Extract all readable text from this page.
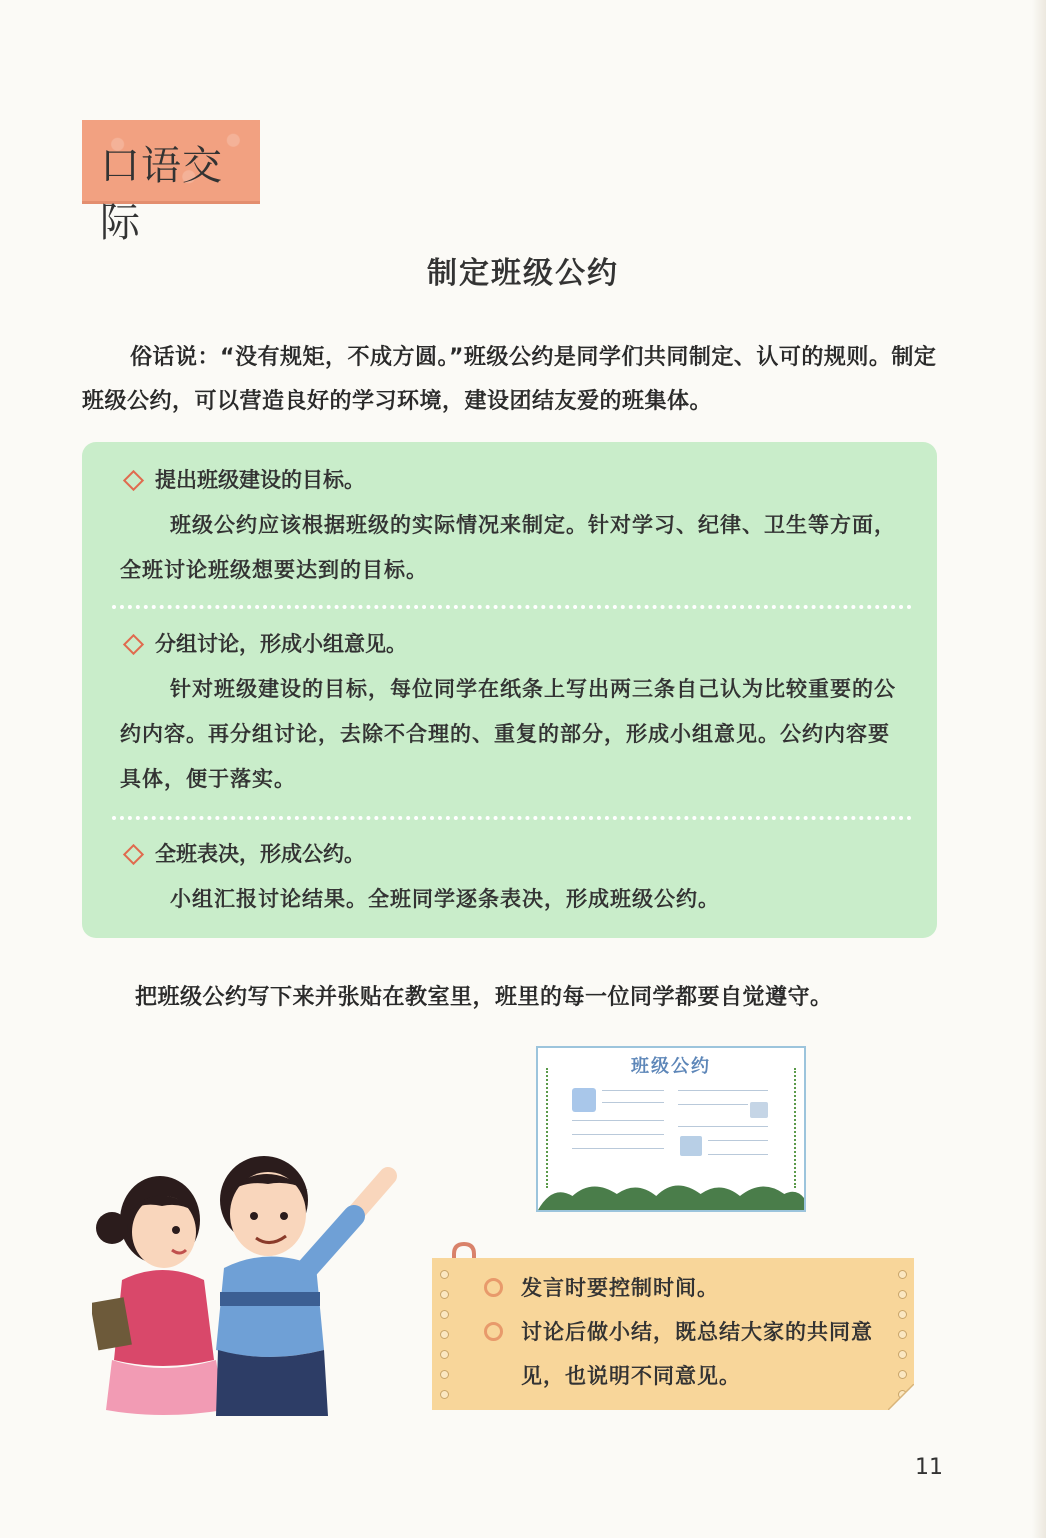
口语交际
制定班级公约

俗话说：“没有规矩，不成方圆。”班级公约是同学们共同制定、认可的规则。制定班级公约，可以营造良好的学习环境，建设团结友爱的班集体。

提出班级建设的目标。

班级公约应该根据班级的实际情况来制定。针对学习、纪律、卫生等方面，全班讨论班级想要达到的目标。

分组讨论，形成小组意见。

针对班级建设的目标，每位同学在纸条上写出两三条自己认为比较重要的公约内容。再分组讨论，去除不合理的、重复的部分，形成小组意见。公约内容要具体，便于落实。

全班表决，形成公约。

小组汇报讨论结果。全班同学逐条表决，形成班级公约。

把班级公约写下来并张贴在教室里，班里的每一位同学都要自觉遵守。
班级公约
发言时要控制时间。
讨论后做小结，既总结大家的共同意见，也说明不同意见。
11
